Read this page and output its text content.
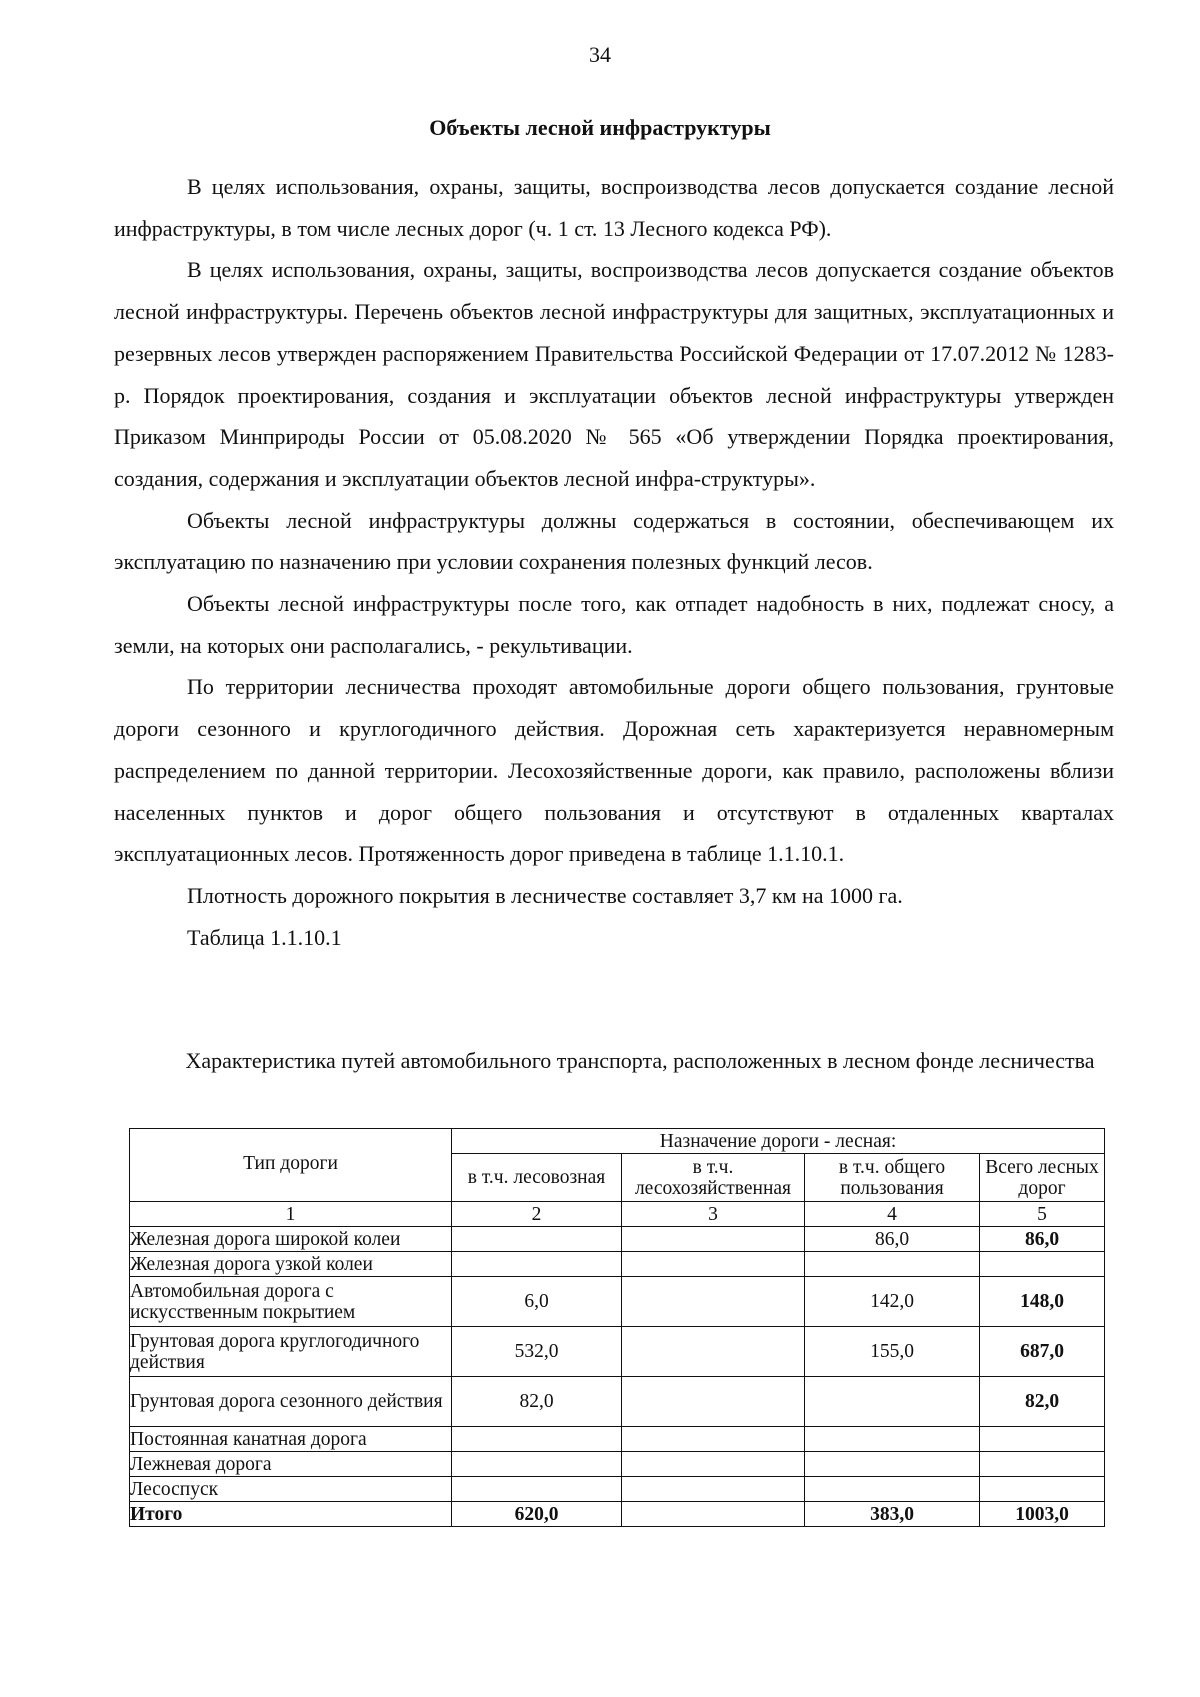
34
Объекты лесной инфраструктуры

В целях использования, охраны, защиты, воспроизводства лесов допускается создание лесной инфраструктуры, в том числе лесных дорог (ч. 1 ст. 13 Лесного кодекса РФ).

В целях использования, охраны, защиты, воспроизводства лесов допускается создание объектов лесной инфраструктуры. Перечень объектов лесной инфраструктуры для защитных, эксплуатационных и резервных лесов утвержден распоряжением Правительства Российской Федерации от 17.07.2012 № 1283-р. Порядок проектирования, создания и эксплуатации объектов лесной инфраструктуры утвержден Приказом Минприроды России от 05.08.2020 № 565 «Об утверждении Порядка проектирования, создания, содержания и эксплуатации объектов лесной инфра-структуры».

Объекты лесной инфраструктуры должны содержаться в состоянии, обеспечивающем их эксплуатацию по назначению при условии сохранения полезных функций лесов.

Объекты лесной инфраструктуры после того, как отпадет надобность в них, подлежат сносу, а земли, на которых они располагались, - рекультивации.

По территории лесничества проходят автомобильные дороги общего пользования, грунтовые дороги сезонного и круглогодичного действия. Дорожная сеть характеризуется неравномерным распределением по данной территории. Лесохозяйственные дороги, как правило, расположены вблизи населенных пунктов и дорог общего пользования и отсутствуют в отдаленных кварталах эксплуатационных лесов. Протяженность дорог приведена в таблице 1.1.10.1.

Плотность дорожного покрытия в лесничестве составляет 3,7 км на 1000 га.

Таблица 1.1.10.1

Характеристика путей автомобильного транспорта, расположенных в лесном фонде лесничества
Тип дороги	Назначение дороги - лесная:			
	в т.ч. лесовозная	в т.ч. лесохозяйственная	в т.ч. общего пользования	Всего лесных дорог
1	2	3	4	5
Железная дорога широкой колеи			86,0	86,0
Железная дорога узкой колеи				
Автомобильная дорога с искусственным покрытием	6,0		142,0	148,0
Грунтовая дорога круглогодичного действия	532,0		155,0	687,0
Грунтовая дорога сезонного действия	82,0			82,0
Постоянная канатная дорога				
Лежневая дорога				
Лесоспуск				
Итого	620,0		383,0	1003,0
